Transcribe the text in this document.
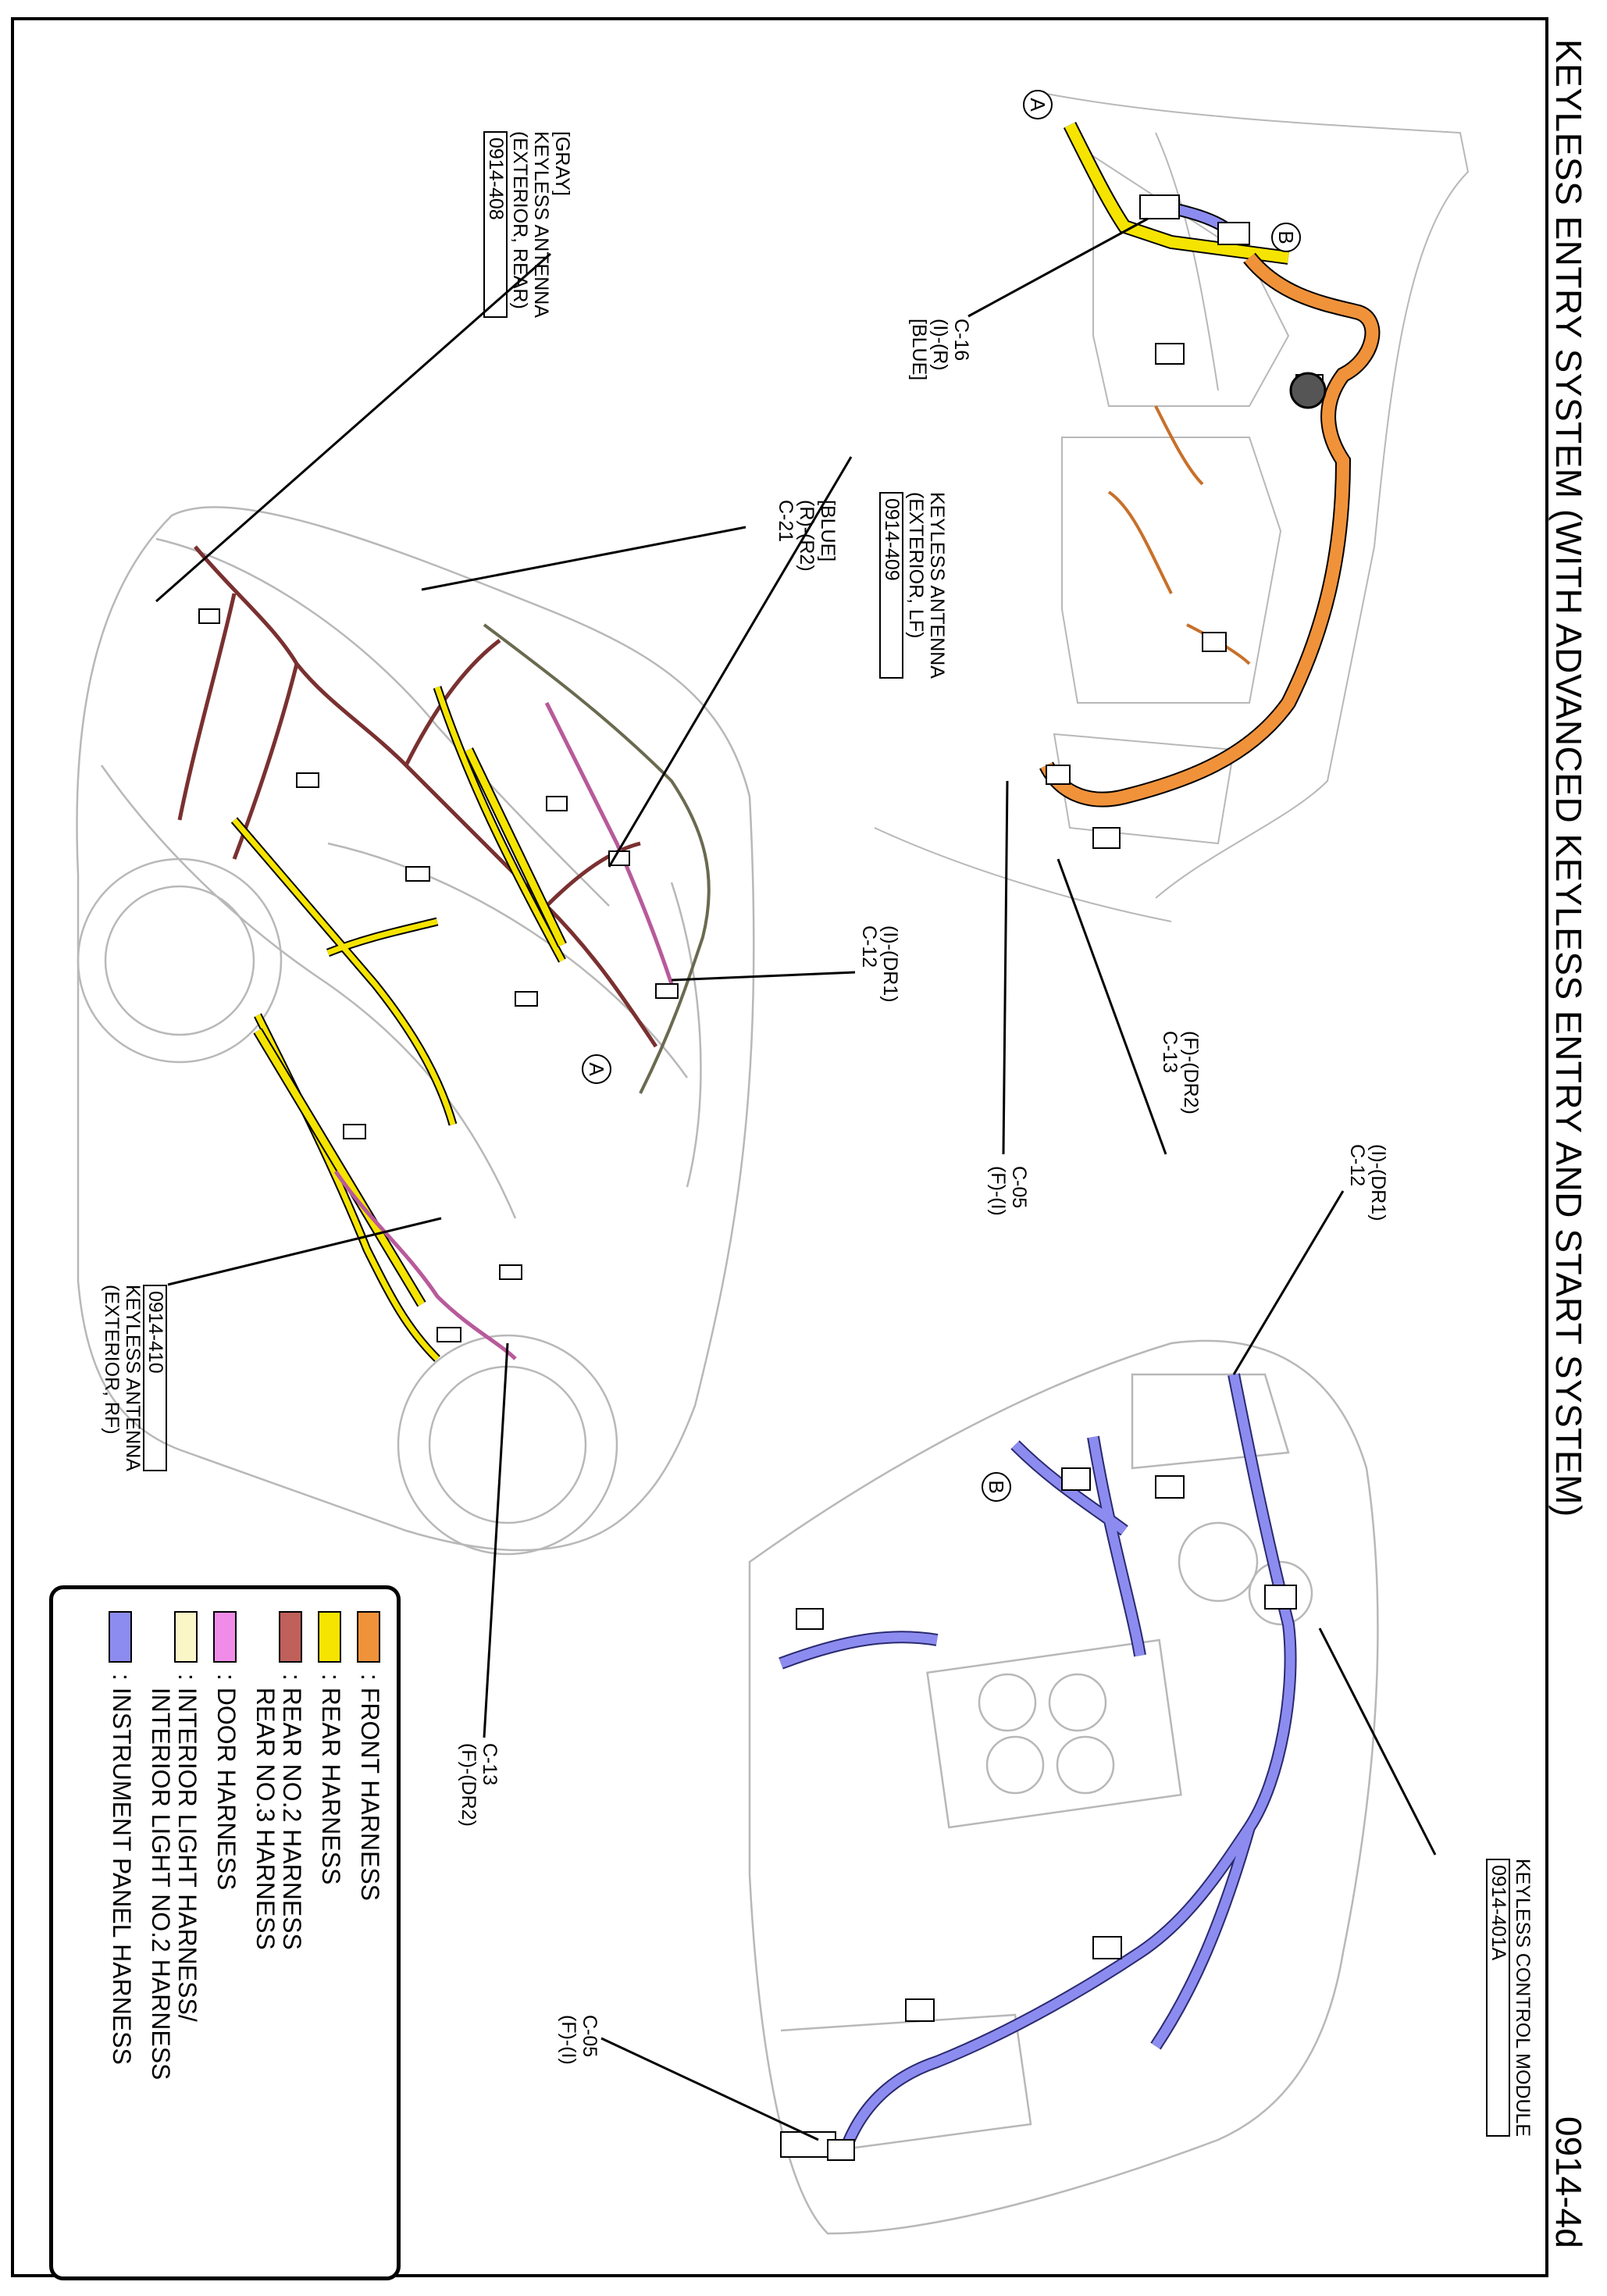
KEYLESS ENTRY SYSTEM (WITH ADVANCED KEYLESS ENTRY AND START SYSTEM)
0914-4d
C-16
(I)-(R)
[BLUE]
[GRAY]
KEYLESS ANTENNA
(EXTERIOR, REAR)
0914-408
[BLUE]
(R)-(R2)
C-21	KEYLESS ANTENNA
(EXTERIOR, LF)
0914-409
(I)-(DR1)
C-12
(F)-(DR2)
C-13
C-05
(F)-(I)
0914-410
KEYLESS ANTENNA
(EXTERIOR, RF)
(I)-(DR1)
C-12
KEYLESS CONTROL MODULE
0914-401A
C-13
(F)-(DR2)
C-05
(F)-(I)
A
A
B
B
: FRONT HARNESS
: REAR HARNESS
: REAR NO.2 HARNESS
REAR NO.3 HARNESS
: DOOR HARNESS
: INTERIOR LIGHT HARNESS/
INTERIOR LIGHT NO.2 HARNESS
: INSTRUMENT PANEL HARNESS
